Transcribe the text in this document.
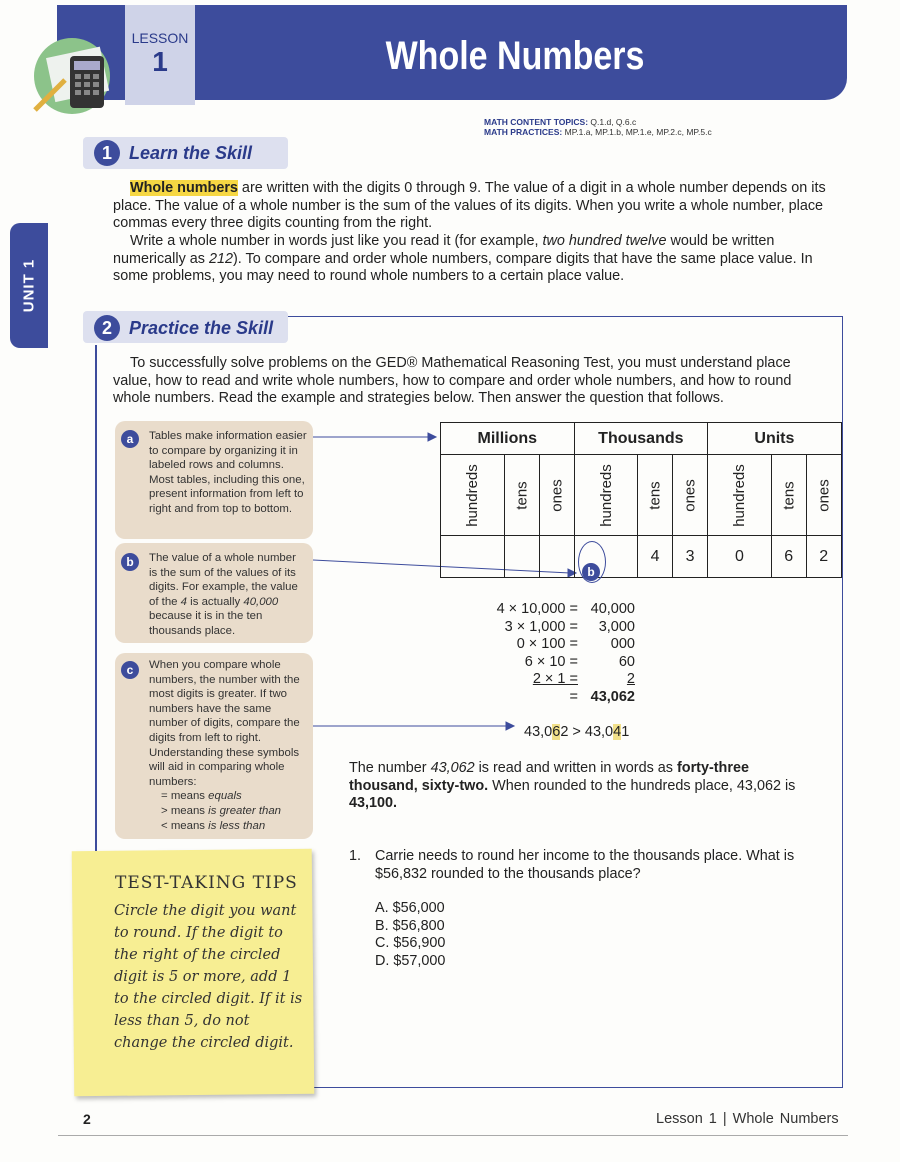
LESSON
1	Whole Numbers
MATH CONTENT TOPICS: Q.1.d, Q.6.c
MATH PRACTICES: MP.1.a, MP.1.b, MP.1.e, MP.2.c, MP.5.c
UNIT 1
1 Learn the Skill
Whole numbers are written with the digits 0 through 9. The value of a digit in a whole number depends on its place. The value of a whole number is the sum of the values of its digits. When you write a whole number, place commas every three digits counting from the right.
Write a whole number in words just like you read it (for example, two hundred twelve would be written numerically as 212). To compare and order whole numbers, compare digits that have the same place value. In some problems, you may need to round whole numbers to a certain place value.
2 Practice the Skill
To successfully solve problems on the GED® Mathematical Reasoning Test, you must understand place value, how to read and write whole numbers, how to compare and order whole numbers, and how to round whole numbers. Read the example and strategies below. Then answer the question that follows.
Tables make information easier to compare by organizing it in labeled rows and columns. Most tables, including this one, present information from left to right and from top to bottom.
a
The value of a whole number is the sum of the values of its digits. For example, the value of the 4 is actually 40,000 because it is in the ten thousands place.
b
When you compare whole numbers, the number with the most digits is greater. If two numbers have the same number of digits, compare the digits from left to right. Understanding these symbols will aid in comparing whole numbers:
= means equals
> means is greater than
< means is less than
c
Millions			Thousands			Units		

hundreds	tens	ones	hundreds	tens	ones	hundreds	tens	ones

				4	3	0	6	2
b
4 × 10,000 = 40,000
3 × 1,000 = 3,000
0 × 100 = 000
6 × 10 =	60
2 × 1 =	2
= 43,062
43,062 > 43,041
The number 43,062 is read and written in words as forty-three thousand, sixty-two. When rounded to the hundreds place, 43,062 is 43,100.
1. Carrie needs to round her income to the thousands place. What is $56,832 rounded to the thousands place?
A. $56,000
B. $56,800
C. $56,900
D. $57,000
TEST-TAKING TIPS
Circle the digit you want to round. If the digit to the right of the circled digit is 5 or more, add 1 to the circled digit. If it is less than 5, do not change the circled digit.
2	Lesson 1 | Whole Numbers
